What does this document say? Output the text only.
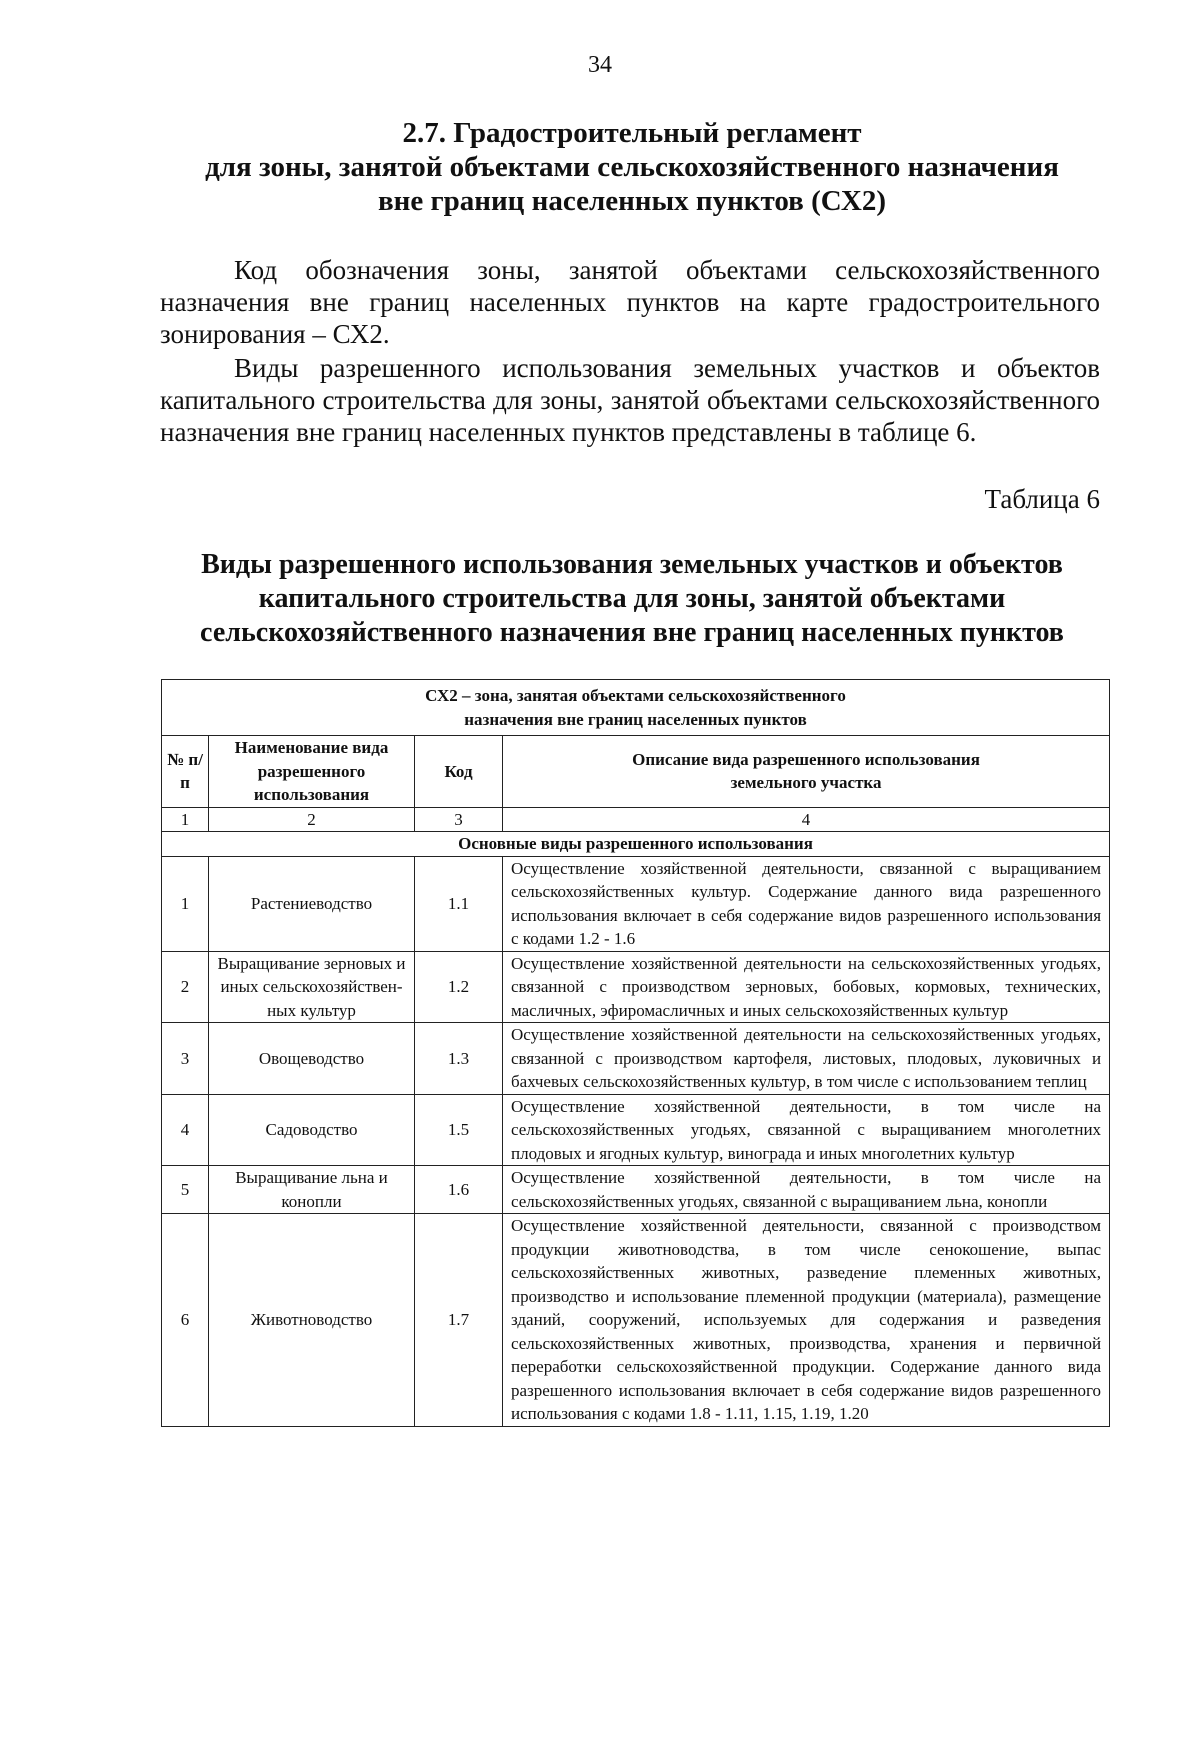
34
2.7. Градостроительный регламент
для зоны, занятой объектами сельскохозяйственного назначения
вне границ населенных пунктов (СХ2)
Код обозначения зоны, занятой объектами сельскохозяйственного назначения вне границ населенных пунктов на карте градостроительного зонирования – СХ2.
Виды разрешенного использования земельных участков и объектов капитального строительства для зоны, занятой объектами сельскохозяйственного назначения вне границ населенных пунктов представлены в таблице 6.
Таблица 6
Виды разрешенного использования земельных участков и объектов
капитального строительства для зоны, занятой объектами
сельскохозяйственного назначения вне границ населенных пунктов
СХ2 – зона, занятая объектами сельскохозяйственного назначения вне границ населенных пунктов			
№ п/п	Наименование вида разрешенного использования	Код	Описание вида разрешенного использования земельного участка
1	2	3	4
Основные виды разрешенного использования			
1	Растениеводство	1.1	Осуществление хозяйственной деятельности, связанной с выращиванием сельскохозяйственных культур. Содержание данного вида разрешенного использования включает в себя содержание видов разрешенного использования с кодами 1.2 - 1.6
2	Выращивание зерновых и иных сельскохозяйствен-ных культур	1.2	Осуществление хозяйственной деятельности на сельскохозяйственных угодьях, связанной с производством зерновых, бобовых, кормовых, технических, масличных, эфиромасличных и иных сельскохозяйственных культур
3	Овощеводство	1.3	Осуществление хозяйственной деятельности на сельскохозяйственных угодьях, связанной с производством картофеля, листовых, плодовых, луковичных и бахчевых сельскохозяйственных культур, в том числе с использованием теплиц
4	Садоводство	1.5	Осуществление хозяйственной деятельности, в том числе на сельскохозяйственных угодьях, связанной с выращиванием многолетних плодовых и ягодных культур, винограда и иных многолетних культур
5	Выращивание льна и конопли	1.6	Осуществление хозяйственной деятельности, в том числе на сельскохозяйственных угодьях, связанной с выращиванием льна, конопли
6	Животноводство	1.7	Осуществление хозяйственной деятельности, связанной с производством продукции животноводства, в том числе сенокошение, выпас сельскохозяйственных животных, разведение племенных животных, производство и использование племенной продукции (материала), размещение зданий, сооружений, используемых для содержания и разведения сельскохозяйственных животных, производства, хранения и первичной переработки сельскохозяйственной продукции. Содержание данного вида разрешенного использования включает в себя содержание видов разрешенного использования с кодами 1.8 - 1.11, 1.15, 1.19, 1.20
